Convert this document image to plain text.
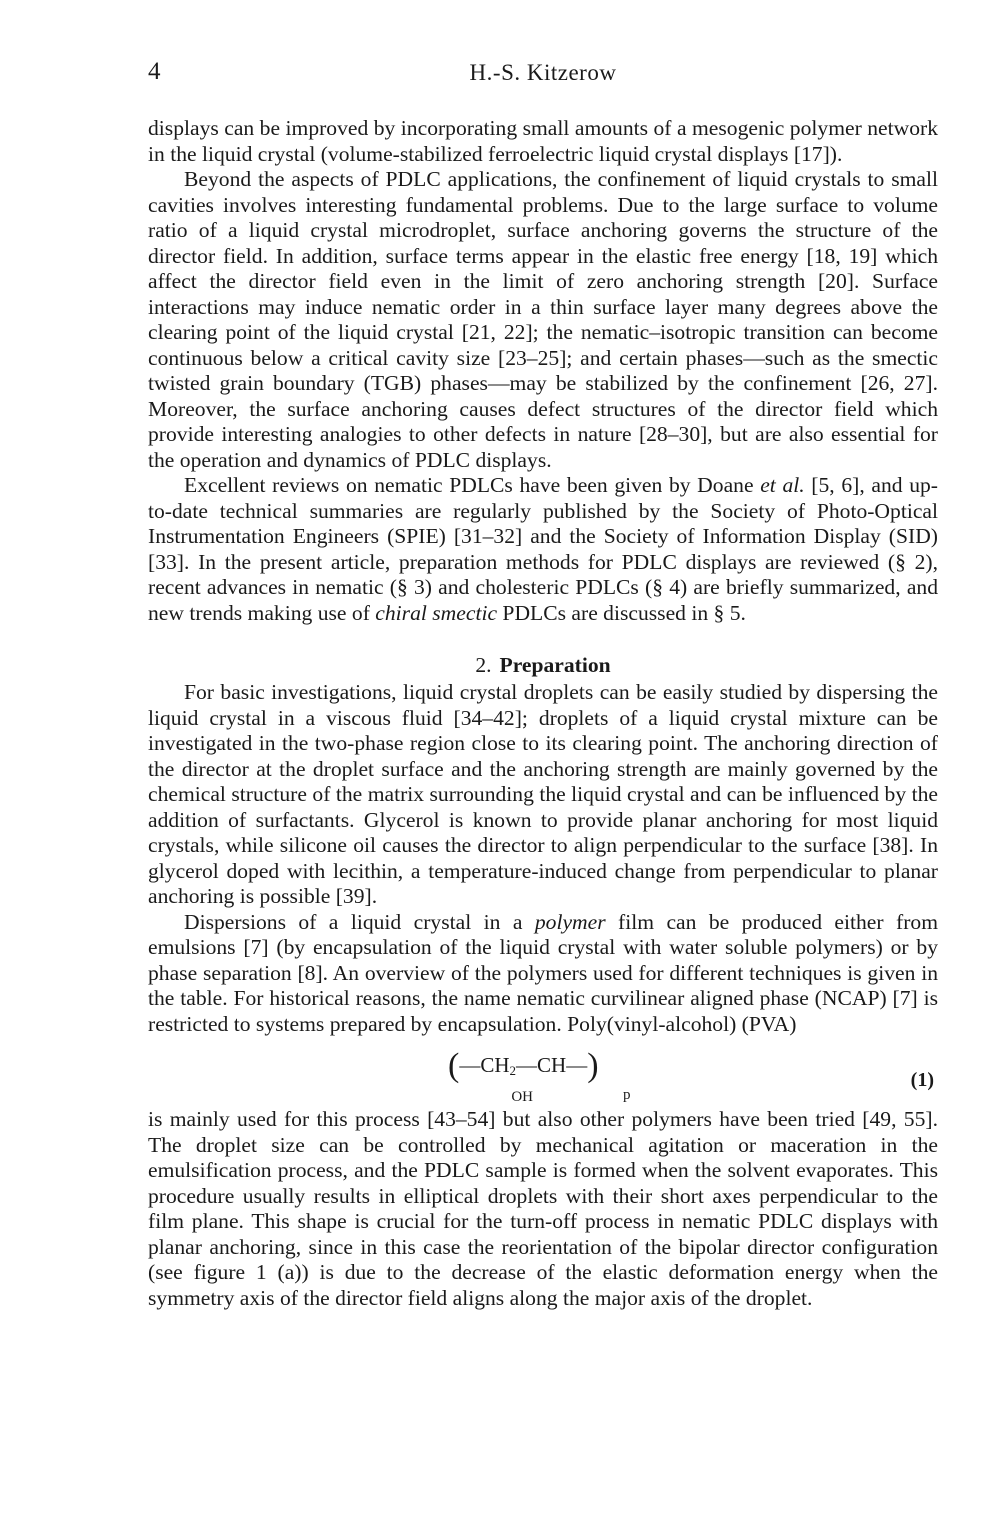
4	H.-S. Kitzerow

displays can be improved by incorporating small amounts of a mesogenic polymer network in the liquid crystal (volume-stabilized ferroelectric liquid crystal displays [17]).

Beyond the aspects of PDLC applications, the confinement of liquid crystals to small cavities involves interesting fundamental problems. Due to the large surface to volume ratio of a liquid crystal microdroplet, surface anchoring governs the structure of the director field. In addition, surface terms appear in the elastic free energy [18, 19] which affect the director field even in the limit of zero anchoring strength [20]. Surface interactions may induce nematic order in a thin surface layer many degrees above the clearing point of the liquid crystal [21, 22]; the nematic–isotropic transition can become continuous below a critical cavity size [23–25]; and certain phases—such as the smectic twisted grain boundary (TGB) phases—may be stabilized by the confinement [26, 27]. Moreover, the surface anchoring causes defect structures of the director field which provide interesting analogies to other defects in nature [28–30], but are also essential for the operation and dynamics of PDLC displays.

Excellent reviews on nematic PDLCs have been given by Doane et al. [5, 6], and up-to-date technical summaries are regularly published by the Society of Photo-Optical Instrumentation Engineers (SPIE) [31–32] and the Society of Information Display (SID) [33]. In the present article, preparation methods for PDLC displays are reviewed (§ 2), recent advances in nematic (§ 3) and cholesteric PDLCs (§ 4) are briefly summarized, and new trends making use of chiral smectic PDLCs are discussed in § 5.

2. Preparation

For basic investigations, liquid crystal droplets can be easily studied by dispersing the liquid crystal in a viscous fluid [34–42]; droplets of a liquid crystal mixture can be investigated in the two-phase region close to its clearing point. The anchoring direction of the director at the droplet surface and the anchoring strength are mainly governed by the chemical structure of the matrix surrounding the liquid crystal and can be influenced by the addition of surfactants. Glycerol is known to provide planar anchoring for most liquid crystals, while silicone oil causes the director to align perpendicular to the surface [38]. In glycerol doped with lecithin, a temperature-induced change from perpendicular to planar anchoring is possible [39].

Dispersions of a liquid crystal in a polymer film can be produced either from emulsions [7] (by encapsulation of the liquid crystal with water soluble polymers) or by phase separation [8]. An overview of the polymers used for different techniques is given in the table. For historical reasons, the name nematic curvilinear aligned phase (NCAP) [7] is restricted to systems prepared by encapsulation. Poly(vinyl-alcohol) (PVA)

($—CH_2—CH—$
OH
)
p
(1)

is mainly used for this process [43–54] but also other polymers have been tried [49, 55]. The droplet size can be controlled by mechanical agitation or maceration in the emulsification process, and the PDLC sample is formed when the solvent evaporates. This procedure usually results in elliptical droplets with their short axes perpendicular to the film plane. This shape is crucial for the turn-off process in nematic PDLC displays with planar anchoring, since in this case the reorientation of the bipolar director configuration (see figure 1 (a)) is due to the decrease of the elastic deformation energy when the symmetry axis of the director field aligns along the major axis of the droplet.
